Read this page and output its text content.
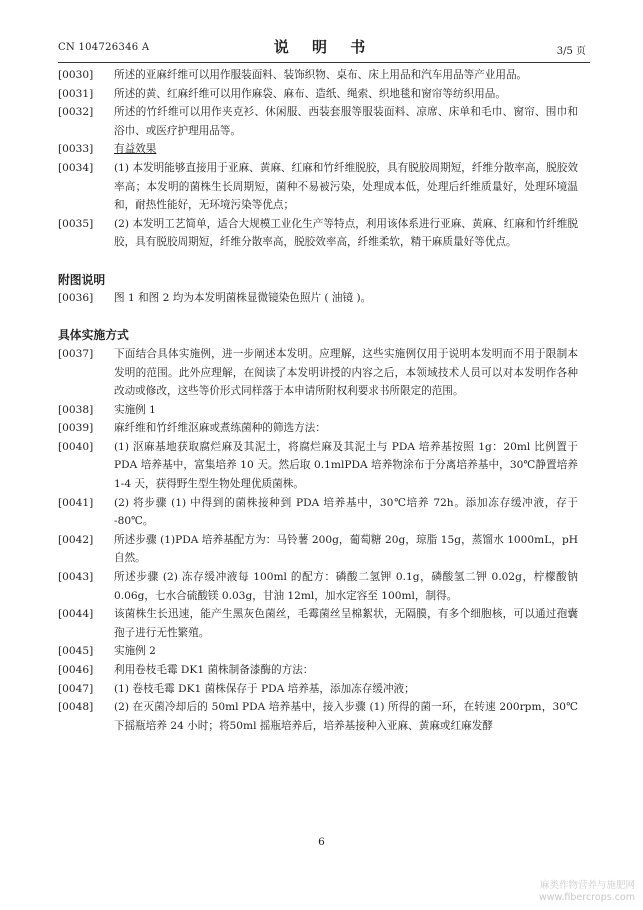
CN 104726346 A	说 明 书	3/5 页
[0030]	所述的亚麻纤维可以用作服装面料、装饰织物、桌布、床上用品和汽车用品等产业用品。
[0031]	所述的黄、红麻纤维可以用作麻袋、麻布、造纸、绳索、织地毯和窗帘等纺织用品。
[0032]	所述的竹纤维可以用作夹克衫、休闲服、西装套服等服装面料、凉席、床单和毛巾、窗帘、围巾和浴巾、或医疗护理用品等。
[0033]	有益效果
[0034]	(1) 本发明能够直接用于亚麻、黄麻、红麻和竹纤维脱胶，具有脱胶周期短，纤维分散率高，脱胶效率高；本发明的菌株生长周期短，菌种不易被污染，处理成本低，处理后纤维质量好，处理环境温和，耐热性能好，无环境污染等优点；
[0035]	(2) 本发明工艺简单，适合大规模工业化生产等特点，利用该体系进行亚麻、黄麻、红麻和竹纤维脱胶，具有脱胶周期短，纤维分散率高，脱胶效率高，纤维柔软，精干麻质量好等优点。
附图说明
[0036]	图 1 和图 2 均为本发明菌株显微镜染色照片 ( 油镜 )。
具体实施方式
[0037]	下面结合具体实施例，进一步阐述本发明。应理解，这些实施例仅用于说明本发明而不用于限制本发明的范围。此外应理解，在阅读了本发明讲授的内容之后，本领域技术人员可以对本发明作各种改动或修改，这些等价形式同样落于本申请所附权利要求书所限定的范围。
[0038]	实施例 1
[0039]	麻纤维和竹纤维沤麻或煮练菌种的筛选方法：
[0040]	(1) 沤麻基地获取腐烂麻及其泥土，将腐烂麻及其泥土与 PDA 培养基按照 1g：20ml 比例置于 PDA 培养基中，富集培养 10 天。然后取 0.1mlPDA 培养物涂布于分离培养基中，30℃静置培养 1-4 天，获得野生型生物处理优质菌株。
[0041]	(2) 将步骤 (1) 中得到的菌株接种到 PDA 培养基中，30℃培养 72h。添加冻存缓冲液，存于 -80℃。
[0042]	所述步骤 (1)PDA 培养基配方为：马铃薯 200g，葡萄糖 20g，琼脂 15g，蒸馏水 1000mL，pH 自然。
[0043]	所述步骤 (2) 冻存缓冲液每 100ml 的配方：磷酸二氢钾 0.1g，磷酸氢二钾 0.02g，柠檬酸钠 0.06g，七水合硫酸镁 0.03g，甘油 12ml，加水定容至 100ml，制得。
[0044]	该菌株生长迅速，能产生黑灰色菌丝，毛霉菌丝呈棉絮状，无隔膜，有多个细胞核，可以通过孢囊孢子进行无性繁殖。
[0045]	实施例 2
[0046]	利用卷枝毛霉 DK1 菌株制备漆酶的方法：
[0047]	(1) 卷枝毛霉 DK1 菌株保存于 PDA 培养基，添加冻存缓冲液；
[0048]	(2) 在灭菌冷却后的 50ml PDA 培养基中，接入步骤 (1) 所得的菌一环，在转速 200rpm，30℃下摇瓶培养 24 小时；将50ml 摇瓶培养后，培养基接种入亚麻、黄麻或红麻发酵
6
麻类作物营养与施肥网
www.fibercrops.com
